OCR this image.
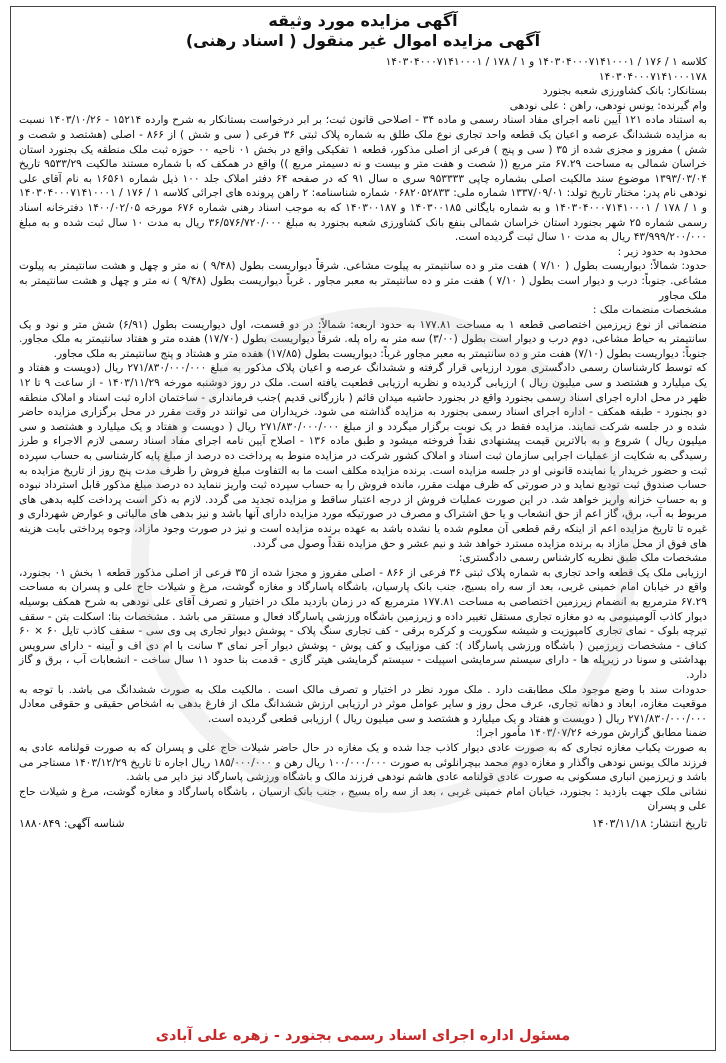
آگهی مزایده مورد وثیقه
آگهی مزایده اموال غیر منقول ( اسناد رهنی)

کلاسه ۱ / ۱۷۶ / ۱۴۰۳۰۴۰۰۰۷۱۴۱۰۰۰۱ و ۱ / ۱۷۸ / ۱۴۰۳۰۴۰۰۰۷۱۴۱۰۰۰۱

۱۴۰۳۰۴۰۰۰۷۱۴۱۰۰۰۱۷۸

بستانکار: بانک کشاورزی شعبه بجنورد

وام گیرنده: یونس نودهی، راهن : علی نودهی

به استناد ماده ۱۲۱ آیین نامه اجرای مفاد اسناد رسمی و ماده ۳۴ - اصلاحی قانون ثبت؛ بر ابر درخواست بستانکار به شرح وارده ۱۵۲۱۴ - ۱۴۰۳/۱۰/۲۶ نسبت به مزایده ششدانگ عرصه و اعیان یک قطعه واحد تجاری نوع ملک طلق به شماره پلاک ثبتی ۳۶ فرعی ( سی و شش ) از ۸۶۶ - اصلی (هشتصد و شصت و شش ) مفروز و مجزی شده از ۳۵ ( سی و پنج ) فرعی از اصلی مذکور، قطعه ۱ تفکیکی واقع در بخش ۰۱ ناحیه ۰۰ حوزه ثبت ملک منطقه یک بجنورد استان خراسان شمالی به مساحت ۶۷.۲۹ متر مربع (( شصت و هفت متر و بیست و نه دسیمتر مربع )) واقع در همکف که با شماره مستند مالکیت ۹۵۳۳/۲۹ تاریخ ۱۳۹۳/۰۳/۰۴ موضوع سند مالکیت اصلی بشماره چاپی ۹۵۳۳۳۳ سری ه سال ۹۱ که در صفحه ۶۴ دفتر املاک جلد ۱۰۰ ذیل شماره ۱۶۵۶۱ به نام آقای علی نودهی نام پدر: مختار تاریخ تولد: ۱۳۳۷/۰۹/۰۱ شماره ملی: ۰۶۸۲۰۵۲۸۳۳ شماره شناسنامه: ۲ راهن پرونده های اجرائی کلاسه ۱ / ۱۷۶ / ۱۴۰۳۰۴۰۰۰۷۱۴۱۰۰۰۱ و ۱ / ۱۷۸ / ۱۴۰۳۰۴۰۰۰۷۱۴۱۰۰۰۱ و به شماره بایگانی ۱۴۰۳۰۰۱۸۵ و ۱۴۰۳۰۰۱۸۷ که به موجب اسناد رهنی شماره ۶۷۶ مورخه ۱۴۰۰/۰۲/۰۵ دفترخانه اسناد رسمی شماره ۲۵ شهر بجنورد استان خراسان شمالی بنفع بانک کشاورزی شعبه بجنورد به مبلغ ۳۶/۵۷۶/۷۲۰/۰۰۰ ریال به مدت ۱۰ سال ثبت شده و به مبلغ ۴۳/۹۹۹/۲۰۰/۰۰۰ ریال به مدت ۱۰ سال ثبت گردیده است.

محدود به حدود زیر :

حدود: شمالاً: دیواریست بطول ( ۷/۱۰ ) هفت متر و ده سانتیمتر به پیلوت مشاعی. شرقاً دیواریست بطول (۹/۴۸ ) نه متر و چهل و هشت سانتیمتر به پیلوت مشاعی. جنوباً: درب و دیوار است بطول ( ۷/۱۰ ) هفت متر و ده سانتیمتر به معبر مجاور . غرباً دیواریست بطول (۹/۴۸ ) نه متر و چهل و هشت سانتیمتر به ملک مجاور

مشخصات منضمات ملک :

منضماتی از نوع زیرزمین اختصاصی قطعه ۱ به مساحت ۱۷۷.۸۱ به حدود اربعه: شمالاً: در دو قسمت، اول دیواریست بطول (۶/۹۱) شش متر و نود و یک سانتیمتر به حیاط مشاعی، دوم درب و دیوار است بطول (۳/۰۰) سه متر به راه پله. شرقاً دیواریست بطول (۱۷/۷۰) هفده متر و هفتاد سانتیمتر به ملک مجاور. جنوباً: دیواریست بطول (۷/۱۰) هفت متر و ده سانتیمتر به معبر مجاور غرباً: دیواریست بطول (۱۷/۸۵) هفده متر و هشتاد و پنج سانتیمتر به ملک مجاور.

که توسط کارشناسان رسمی دادگستری مورد ارزیابی قرار گرفته و ششدانگ عرصه و اعیان پلاک مذکور به مبلغ ۲۷۱/۸۳۰/۰۰۰/۰۰۰ ریال (دویست و هفتاد و یک میلیارد و هشتصد و سی میلیون ریال ) ارزیابی گردیده و نظریه ارزیابی قطعیت یافته است. ملک در روز دوشنبه مورخه ۱۴۰۳/۱۱/۲۹ - از ساعت ۹ تا ۱۲ ظهر در محل اداره اجرای اسناد رسمی بجنورد واقع در بجنورد حاشیه میدان قائم ( بازرگانی قدیم )جنب فرمانداری - ساختمان اداره ثبت اسناد و املاک منطقه دو بجنورد - طبقه همکف - اداره اجرای اسناد رسمی بجنورد به مزایده گذاشته می شود. خریداران می توانند در وقت مقرر در محل برگزاری مزایده حاضر شده و در جلسه شرکت نمایند. مزایده فقط در یک نوبت برگزار میگردد و از مبلغ ۲۷۱/۸۳۰/۰۰۰/۰۰۰ ریال ( دویست و هفتاد و یک میلیارد و هشتصد و سی میلیون ریال ) شروع و به بالاترین قیمت پیشنهادی نقداً فروخته میشود و طبق ماده ۱۳۶ - اصلاح آیین نامه اجرای مفاد اسناد رسمی لازم الاجراء و طرز رسیدگی به شکایت از عملیات اجرایی سازمان ثبت اسناد و املاک کشور شرکت در مزایده منوط به پرداخت ده درصد از مبلغ پایه کارشناسی به حساب سپرده ثبت و حضور خریدار یا نماینده قانونی او در جلسه مزایده است. برنده مزایده مکلف است ما به التفاوت مبلغ فروش را ظرف مدت پنج روز از تاریخ مزایده به حساب صندوق ثبت تودیع نماید و در صورتی که ظرف مهلت مقرر، مانده فروش را به حساب سپرده ثبت واریز ننماید ده درصد مبلغ مذکور قابل استرداد نبوده و به حساب خزانه واریز خواهد شد. در این صورت عملیات فروش از درجه اعتبار ساقط و مزایده تجدید می گردد. لازم به ذکر است پرداخت کلیه بدهی های مربوط به آب، برق، گاز اعم از حق انشعاب و یا حق اشتراک و مصرف در صورتیکه مورد مزایده دارای آنها باشد و نیز بدهی های مالیاتی و عوارض شهرداری و غیره تا تاریخ مزایده اعم از اینکه رقم قطعی آن معلوم شده یا نشده باشد به عهده برنده مزایده است و نیز در صورت وجود مازاد، وجوه پرداختی بابت هزینه های فوق از محل مازاد به برنده مزایده مسترد خواهد شد و نیم عشر و حق مزایده نقداً وصول می گردد.

مشخصات ملک طبق نظریه کارشناس رسمی دادگستری:

ارزیابی ملک یک قطعه واحد تجاری به شماره پلاک ثبتی ۳۶ فرعی از ۸۶۶ - اصلی مفروز و مجزا شده از ۳۵ فرعی از اصلی مذکور قطعه ۱ بخش ۰۱ بجنورد، واقع در خیابان امام خمینی غربی، بعد از سه راه بسیج، جنب بانک پارسیان، باشگاه پاسارگاد و مغازه گوشت، مرغ و شیلات حاج علی و پسران به مساحت ۶۷.۲۹ مترمربع به انضمام زیرزمین اختصاصی به مساحت ۱۷۷.۸۱ مترمربع که در زمان بازدید ملک در اختیار و تصرف آقای علی نودهی به شرح همکف بوسیله دیوار کاذب آلومینیومی به دو مغازه تجاری مستقل تغییر داده و زیرزمین باشگاه ورزشی پاسارگاد فعال و مستقر می باشد . مشخصات بنا: اسکلت بتن - سقف تیرچه بلوک - نمای تجاری کامپوزیت و شیشه سکوریت و کرکره برقی - کف تجاری سنگ پلاک - پوشش دیوار تجاری پی وی سی - سقف کاذب تایل ۶۰ × ۶۰ کناف - مشخصات زیرزمین ( باشگاه ورزشی پاسارگاد ): کف موزاییک و کف پوش - پوشش دیوار آجر نمای ۳ سانت با ام دی اف و آیینه - دارای سرویس بهداشتی و سونا در زیرپله ها - دارای سیستم سرمایشی اسپیلت - سیستم گرمایشی هیتر گازی - قدمت بنا حدود ۱۱ سال ساخت - انشعابات آب ، برق و گاز دارد.

حدودات سند با وضع موجود ملک مطابقت دارد . ملک مورد نظر در اختیار و تصرف مالک است . مالکیت ملک به صورت ششدانگ می باشد. با توجه به موقعیت مغازه، ابعاد و دهانه تجاری، عرف محل روز و سایر عوامل موثر در ارزیابی ارزش ششدانگ ملک از فارغ بدهی به اشخاص حقیقی و حقوقی معادل ۲۷۱/۸۳۰/۰۰۰/۰۰۰ ریال ( دویست و هفتاد و یک میلیارد و هشتصد و سی میلیون ریال ) ارزیابی قطعی گردیده است.

ضمنا مطابق گزارش مورخه ۱۴۰۳/۰۷/۲۶ مأمور اجرا:

به صورت یکباب مغازه تجاری که به صورت عادی دیوار کاذب جدا شده و یک مغازه در حال حاضر شیلات حاج علی و پسران که به صورت قولنامه عادی به فرزند مالک یونس نودهی واگذار و مغازه دوم محمد بیچرانلوئی به صورت ۱۰۰/۰۰۰/۰۰۰ ریال رهن و ۱۸۵/۰۰۰/۰۰۰ ریال اجاره تا تاریخ ۱۴۰۳/۱۲/۲۹ مستاجر می باشد و زیرزمین انباری مسکونی به صورت عادی قولنامه عادی هاشم نودهی فرزند مالک و باشگاه ورزشی پاسارگاد نیز دایر می باشد.

نشانی ملک جهت بازدید : بجنورد، خیابان امام خمینی غربی ، بعد از سه راه بسیج ، جنب بانک ارسیان ، باشگاه پاسارگاد و مغازه گوشت، مرغ و شیلات حاج علی و پسران

تاریخ انتشار: ۱۴۰۳/۱۱/۱۸
شناسه آگهی: ۱۸۸۰۸۴۹
مسئول اداره اجرای اسناد رسمی بجنورد - زهره علی آبادی
